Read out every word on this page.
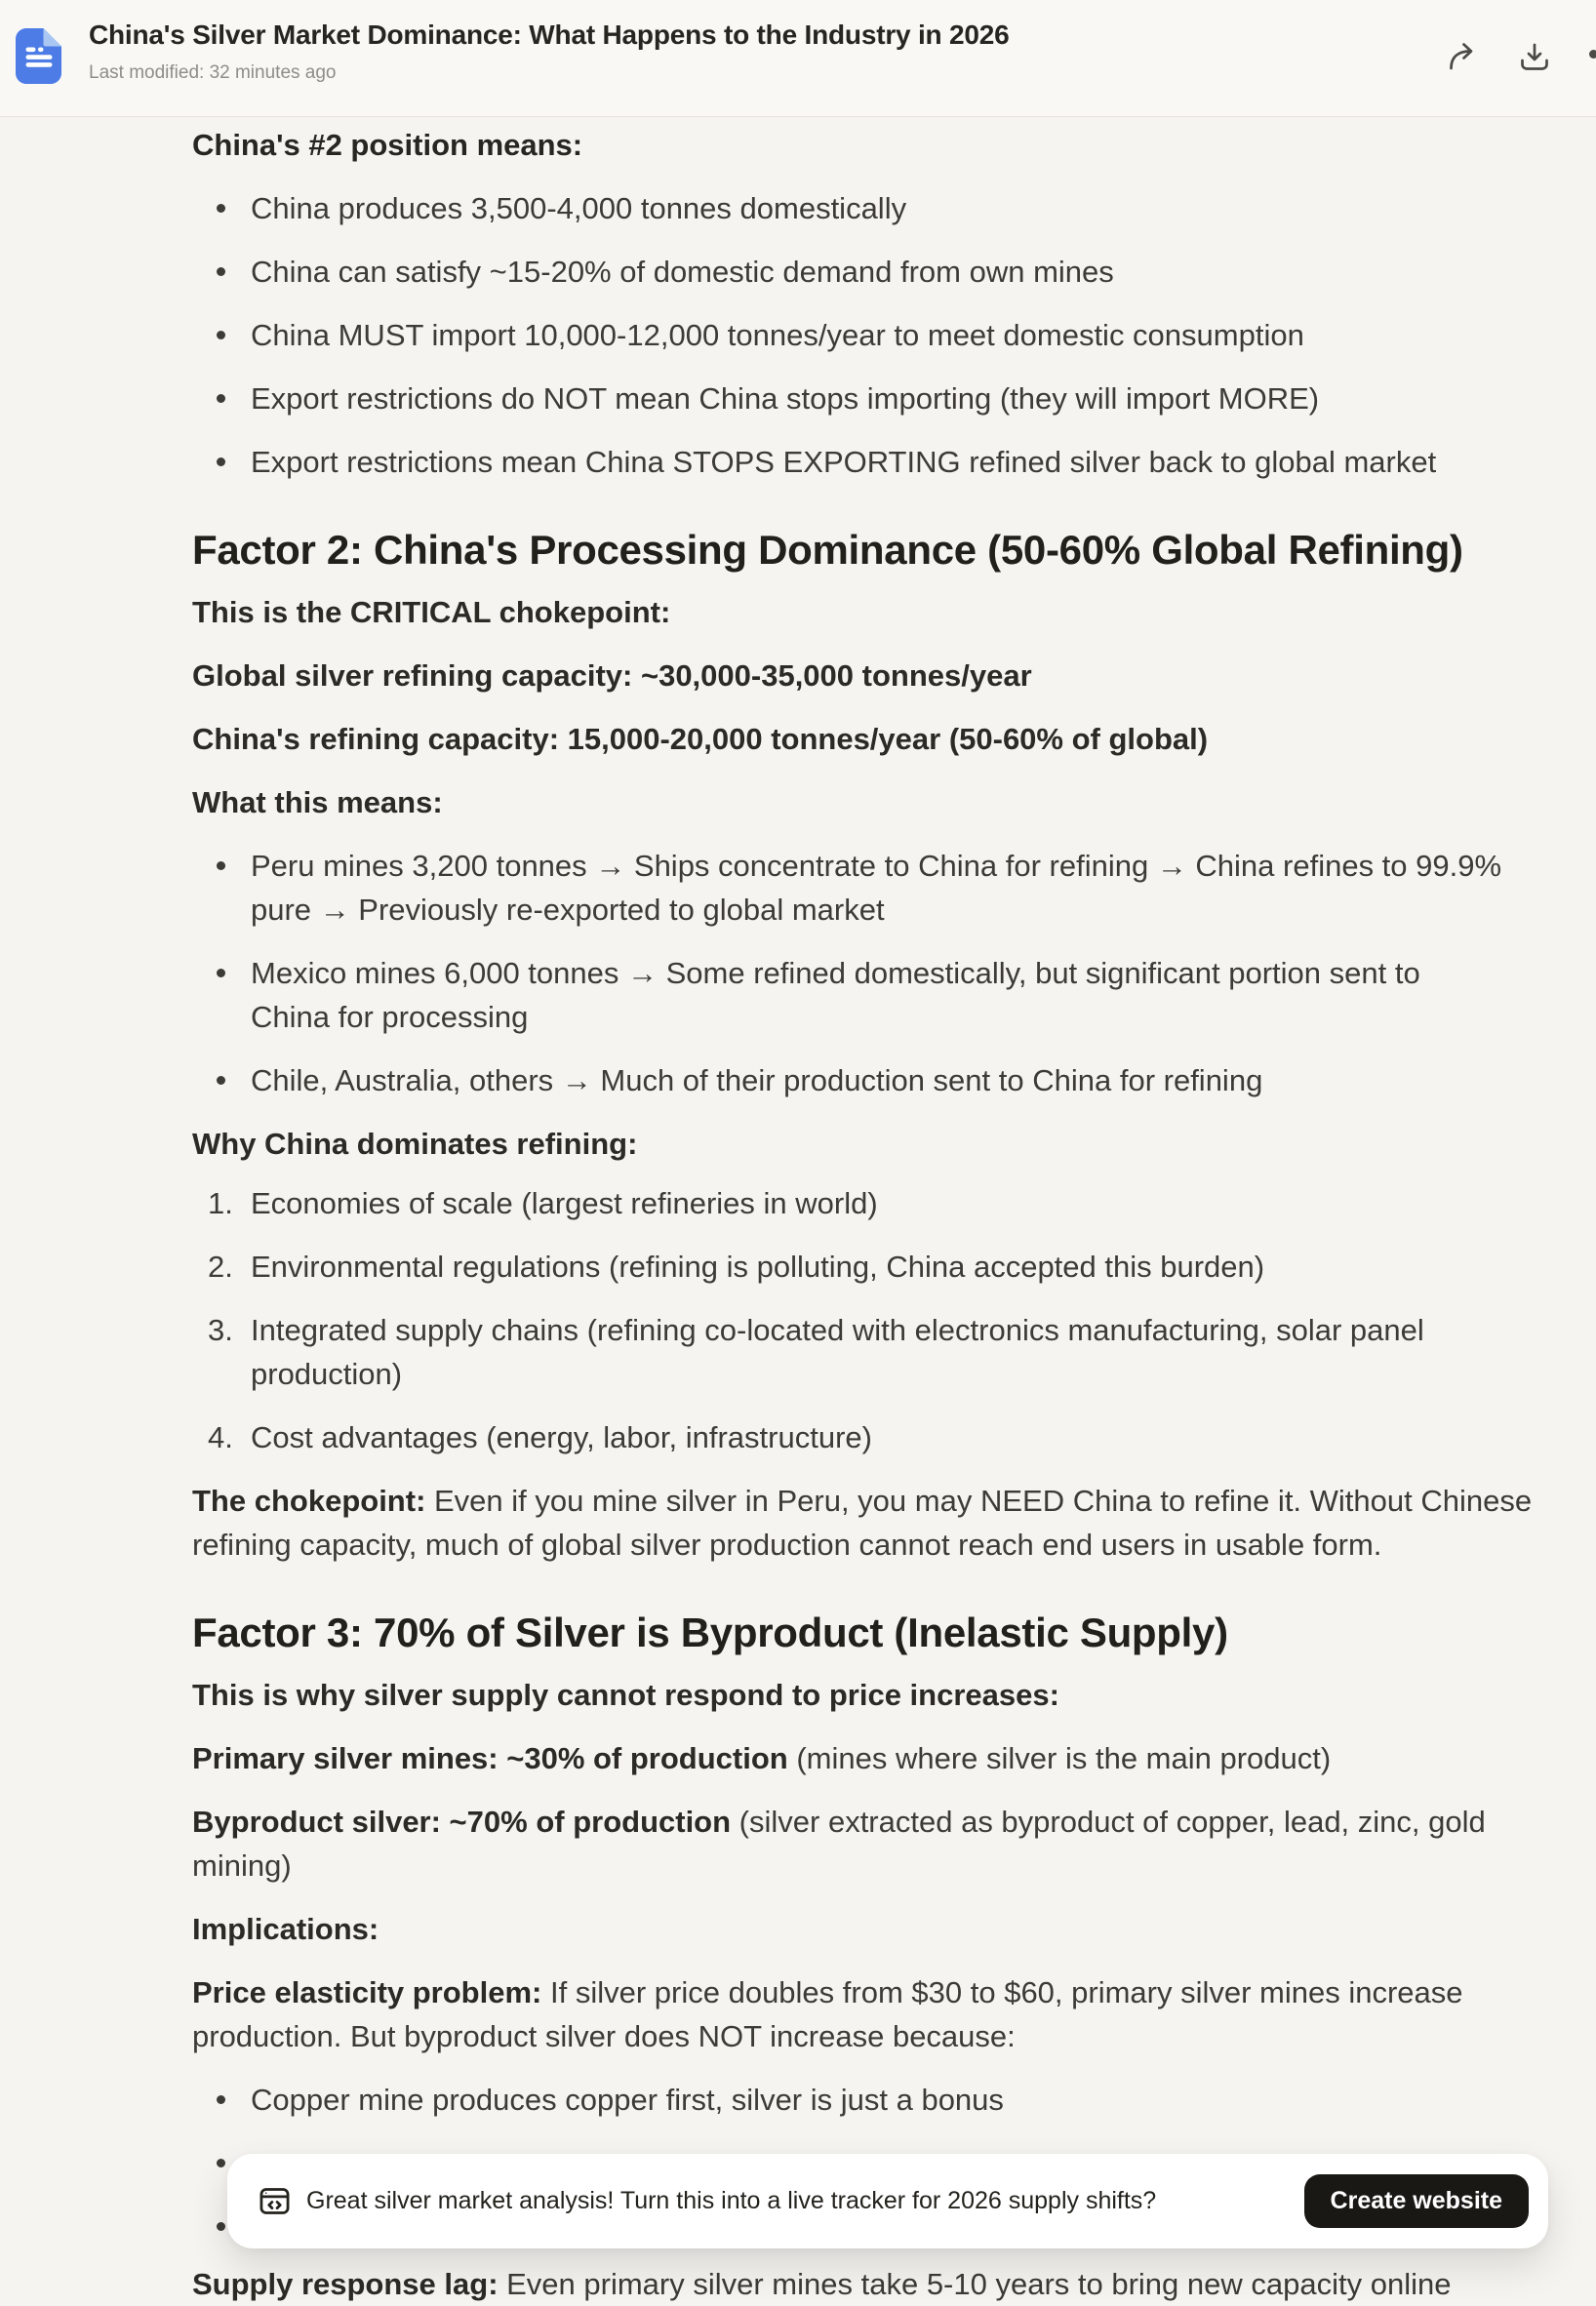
China's Silver Market Dominance: What Happens to the Industry in 2026
Last modified: 32 minutes ago
China's #2 position means:
China produces 3,500-4,000 tonnes domestically
China can satisfy ~15-20% of domestic demand from own mines
China MUST import 10,000-12,000 tonnes/year to meet domestic consumption
Export restrictions do NOT mean China stops importing (they will import MORE)
Export restrictions mean China STOPS EXPORTING refined silver back to global market
Factor 2: China's Processing Dominance (50-60% Global Refining)

This is the CRITICAL chokepoint:

Global silver refining capacity: ~30,000-35,000 tonnes/year

China's refining capacity: 15,000-20,000 tonnes/year (50-60% of global)

What this means:

Peru mines 3,200 tonnes → Ships concentrate to China for refining → China refines to 99.9%
pure → Previously re-exported to global market
Mexico mines 6,000 tonnes → Some refined domestically, but significant portion sent to
China for processing
Chile, Australia, others → Much of their production sent to China for refining

Why China dominates refining:

Economies of scale (largest refineries in world)
Environmental regulations (refining is polluting, China accepted this burden)
Integrated supply chains (refining co-located with electronics manufacturing, solar panel
production)
Cost advantages (energy, labor, infrastructure)

The chokepoint: Even if you mine silver in Peru, you may NEED China to refine it. Without Chinese
refining capacity, much of global silver production cannot reach end users in usable form.

Factor 3: 70% of Silver is Byproduct (Inelastic Supply)

This is why silver supply cannot respond to price increases:

Primary silver mines: ~30% of production (mines where silver is the main product)

Byproduct silver: ~70% of production (silver extracted as byproduct of copper, lead, zinc, gold
mining)

Implications:

Price elasticity problem: If silver price doubles from $30 to $60, primary silver mines increase
production. But byproduct silver does NOT increase because:

Copper mine produces copper first, silver is just a bonus

Supply response lag: Even primary silver mines take 5-10 years to bring new capacity online

Great silver market analysis! Turn this into a live tracker for 2026 supply shifts?	Create website
